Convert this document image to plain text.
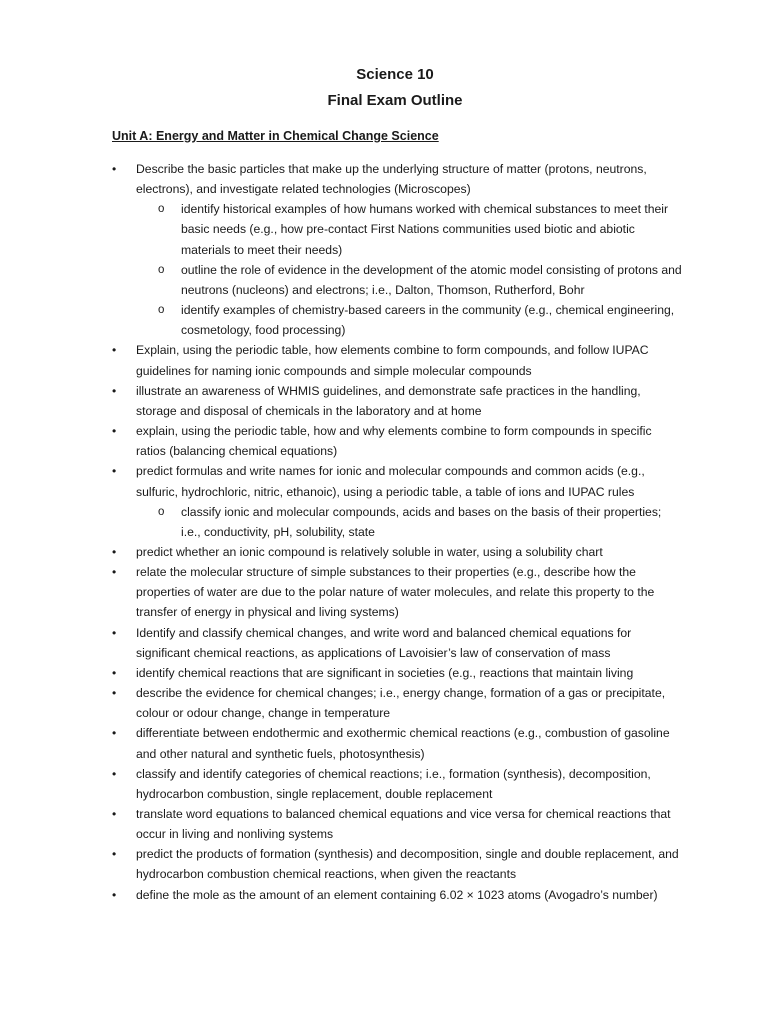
Science 10
Final Exam Outline
Unit A: Energy and Matter in Chemical Change Science
• Describe the basic particles that make up the underlying structure of matter (protons, neutrons, electrons), and investigate related technologies (Microscopes)
o identify historical examples of how humans worked with chemical substances to meet their basic needs (e.g., how pre-contact First Nations communities used biotic and abiotic materials to meet their needs)
o outline the role of evidence in the development of the atomic model consisting of protons and neutrons (nucleons) and electrons; i.e., Dalton, Thomson, Rutherford, Bohr
o identify examples of chemistry-based careers in the community (e.g., chemical engineering, cosmetology, food processing)
• Explain, using the periodic table, how elements combine to form compounds, and follow IUPAC guidelines for naming ionic compounds and simple molecular compounds
• illustrate an awareness of WHMIS guidelines, and demonstrate safe practices in the handling, storage and disposal of chemicals in the laboratory and at home
• explain, using the periodic table, how and why elements combine to form compounds in specific ratios (balancing chemical equations)
• predict formulas and write names for ionic and molecular compounds and common acids (e.g., sulfuric, hydrochloric, nitric, ethanoic), using a periodic table, a table of ions and IUPAC rules
o classify ionic and molecular compounds, acids and bases on the basis of their properties; i.e., conductivity, pH, solubility, state
• predict whether an ionic compound is relatively soluble in water, using a solubility chart
• relate the molecular structure of simple substances to their properties (e.g., describe how the properties of water are due to the polar nature of water molecules, and relate this property to the transfer of energy in physical and living systems)
• Identify and classify chemical changes, and write word and balanced chemical equations for significant chemical reactions, as applications of Lavoisier’s law of conservation of mass
• identify chemical reactions that are significant in societies (e.g., reactions that maintain living
• describe the evidence for chemical changes; i.e., energy change, formation of a gas or precipitate, colour or odour change, change in temperature
• differentiate between endothermic and exothermic chemical reactions (e.g., combustion of gasoline and other natural and synthetic fuels, photosynthesis)
• classify and identify categories of chemical reactions; i.e., formation (synthesis), decomposition, hydrocarbon combustion, single replacement, double replacement
• translate word equations to balanced chemical equations and vice versa for chemical reactions that occur in living and nonliving systems
• predict the products of formation (synthesis) and decomposition, single and double replacement, and hydrocarbon combustion chemical reactions, when given the reactants
• define the mole as the amount of an element containing 6.02 × 1023 atoms (Avogadro’s number)
